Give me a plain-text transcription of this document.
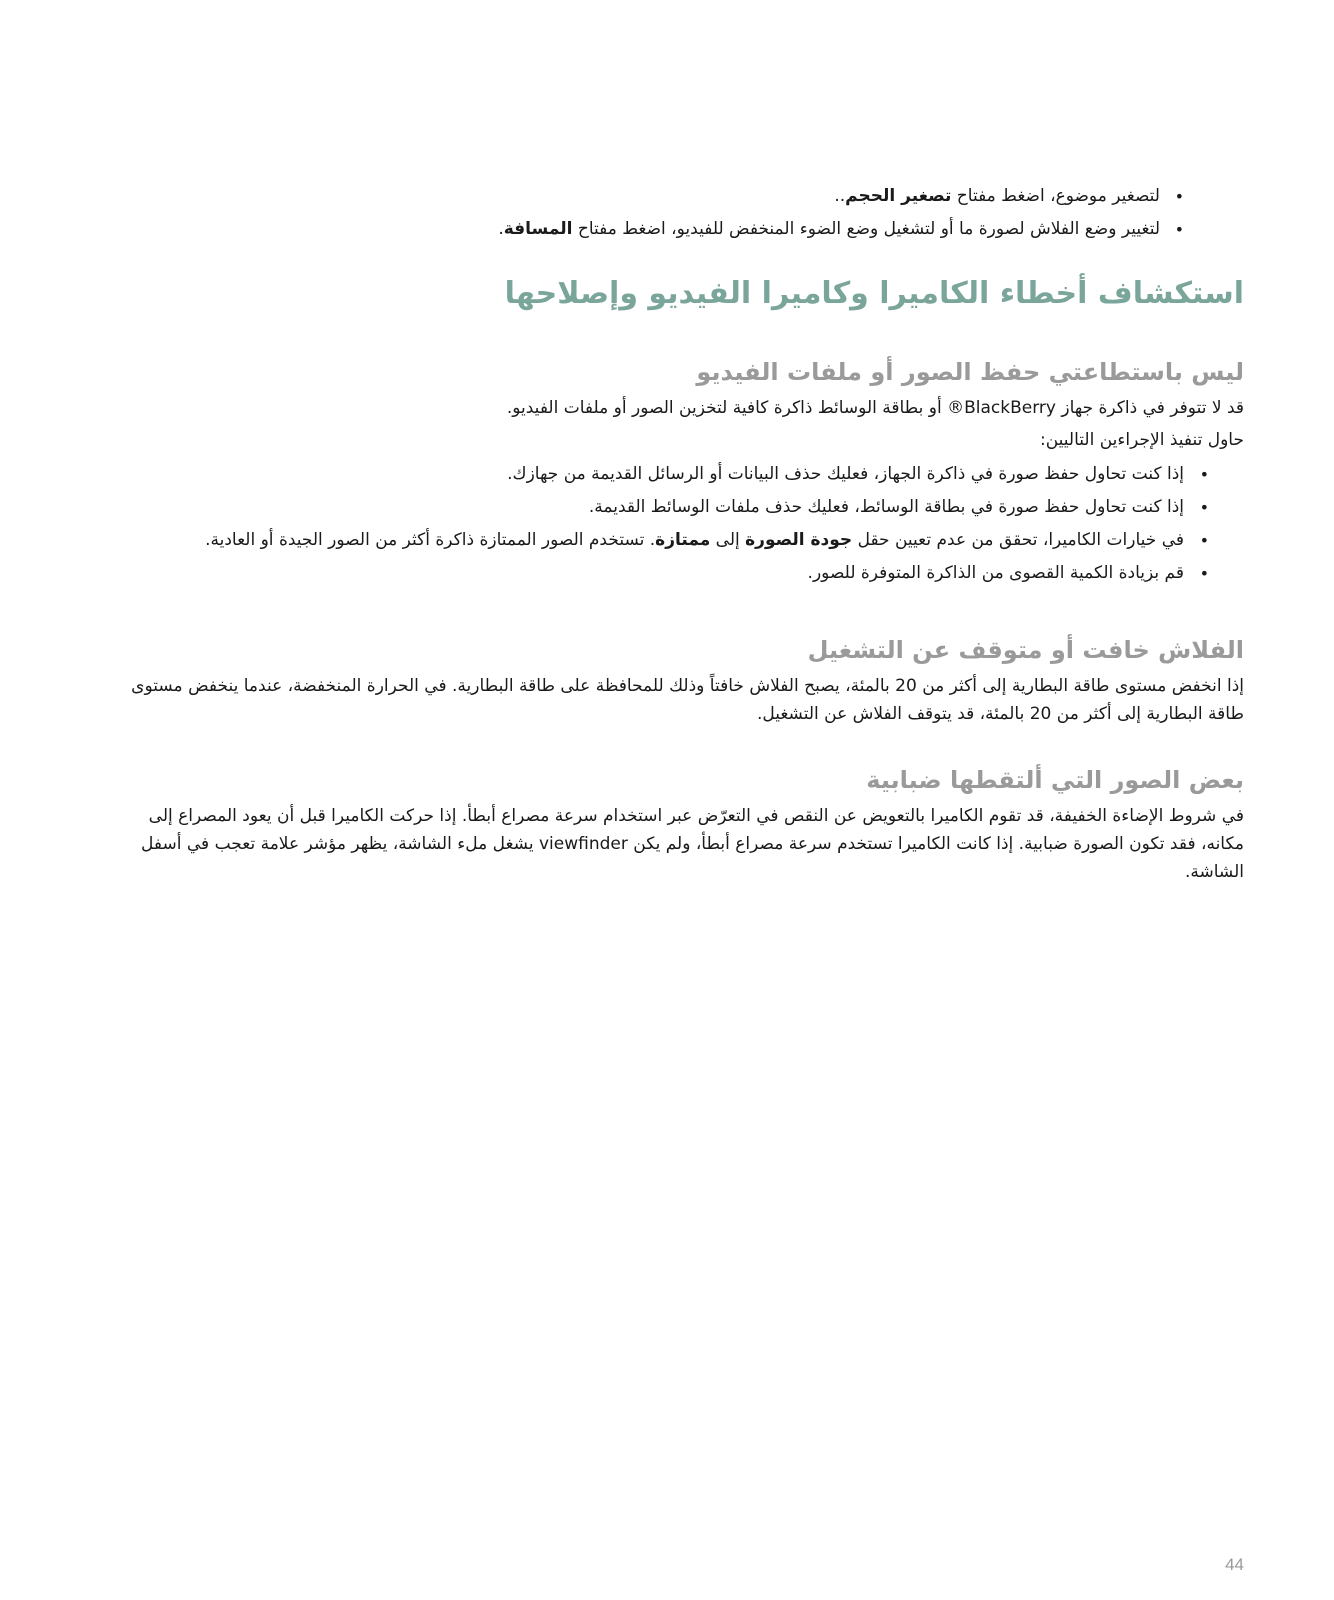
• لتصغير موضوع، اضغط مفتاح تصغير الحجم..
• لتغيير وضع الفلاش لصورة ما أو لتشغيل وضع الضوء المنخفض للفيديو، اضغط مفتاح المسافة.
استكشاف أخطاء الكاميرا وكاميرا الفيديو وإصلاحها
ليس باستطاعتي حفظ الصور أو ملفات الفيديو

قد لا تتوفر في ذاكرة جهاز BlackBerry® أو بطاقة الوسائط ذاكرة كافية لتخزين الصور أو ملفات الفيديو.

حاول تنفيذ الإجراءين التاليين:

• إذا كنت تحاول حفظ صورة في ذاكرة الجهاز، فعليك حذف البيانات أو الرسائل القديمة من جهازك.
• إذا كنت تحاول حفظ صورة في بطاقة الوسائط، فعليك حذف ملفات الوسائط القديمة.
• في خيارات الكاميرا، تحقق من عدم تعيين حقل جودة الصورة إلى ممتازة. تستخدم الصور الممتازة ذاكرة أكثر من الصور الجيدة أو العادية.
• قم بزيادة الكمية القصوى من الذاكرة المتوفرة للصور.
الفلاش خافت أو متوقف عن التشغيل

إذا انخفض مستوى طاقة البطارية إلى أكثر من 20 بالمئة، يصبح الفلاش خافتاً وذلك للمحافظة على طاقة البطارية. في الحرارة المنخفضة، عندما ينخفض مستوى طاقة البطارية إلى أكثر من 20 بالمئة، قد يتوقف الفلاش عن التشغيل.

بعض الصور التي ألتقطها ضبابية

في شروط الإضاءة الخفيفة، قد تقوم الكاميرا بالتعويض عن النقص في التعرّض عبر استخدام سرعة مصراع أبطأ. إذا حركت الكاميرا قبل أن يعود المصراع إلى مكانه، فقد تكون الصورة ضبابية. إذا كانت الكاميرا تستخدم سرعة مصراع أبطأ، ولم يكن viewfinder يشغل ملء الشاشة، يظهر مؤشر علامة تعجب في أسفل الشاشة.

44
